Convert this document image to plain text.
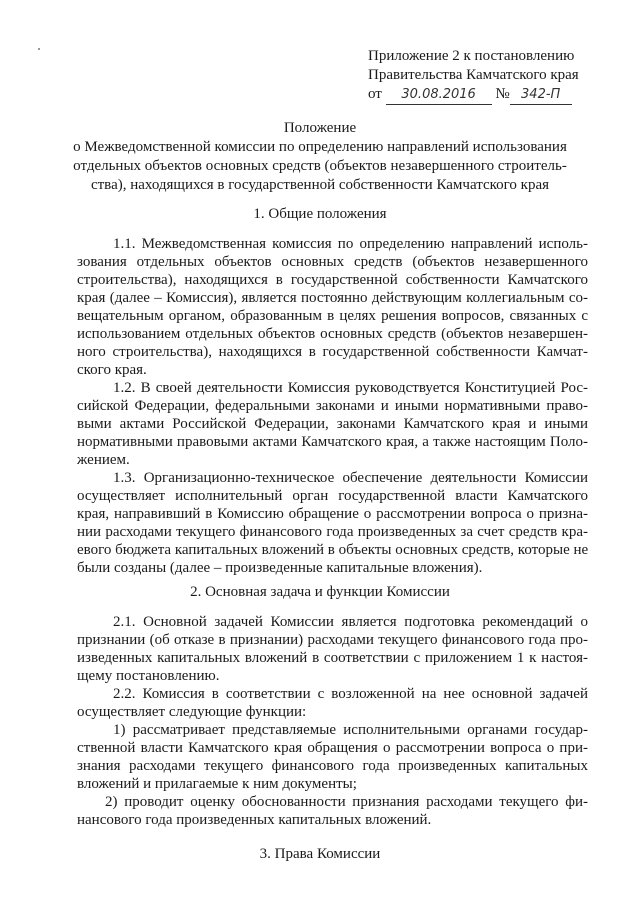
Приложение 2 к постановлению
Правительства Камчатского края
от 30.08.2016 № 342-П
Положение
о Межведомственной комиссии по определению направлений использования
отдельных объектов основных средств (объектов незавершенного строитель-
ства), находящихся в государственной собственности Камчатского края
1. Общие положения
1.1. Межведомственная комиссия по определению направлений исполь-
зования отдельных объектов основных средств (объектов незавершенного
строительства), находящихся в государственной собственности Камчатского
края (далее – Комиссия), является постоянно действующим коллегиальным со-
вещательным органом, образованным в целях решения вопросов, связанных с
использованием отдельных объектов основных средств (объектов незавершен-
ного строительства), находящихся в государственной собственности Камчат-
ского края.
1.2. В своей деятельности Комиссия руководствуется Конституцией Рос-
сийской Федерации, федеральными законами и иными нормативными право-
выми актами Российской Федерации, законами Камчатского края и иными
нормативными правовыми актами Камчатского края, а также настоящим Поло-
жением.
1.3. Организационно-техническое обеспечение деятельности Комиссии
осуществляет исполнительный орган государственной власти Камчатского
края, направивший в Комиссию обращение о рассмотрении вопроса о призна-
нии расходами текущего финансового года произведенных за счет средств кра-
евого бюджета капитальных вложений в объекты основных средств, которые не
были созданы (далее – произведенные капитальные вложения).
2. Основная задача и функции Комиссии
2.1. Основной задачей Комиссии является подготовка рекомендаций о
признании (об отказе в признании) расходами текущего финансового года про-
изведенных капитальных вложений в соответствии с приложением 1 к настоя-
щему постановлению.
2.2. Комиссия в соответствии с возложенной на нее основной задачей
осуществляет следующие функции:
1) рассматривает представляемые исполнительными органами государ-
ственной власти Камчатского края обращения о рассмотрении вопроса о при-
знания расходами текущего финансового года произведенных капитальных
вложений и прилагаемые к ним документы;
2) проводит оценку обоснованности признания расходами текущего фи-
нансового года произведенных капитальных вложений.
3. Права Комиссии
